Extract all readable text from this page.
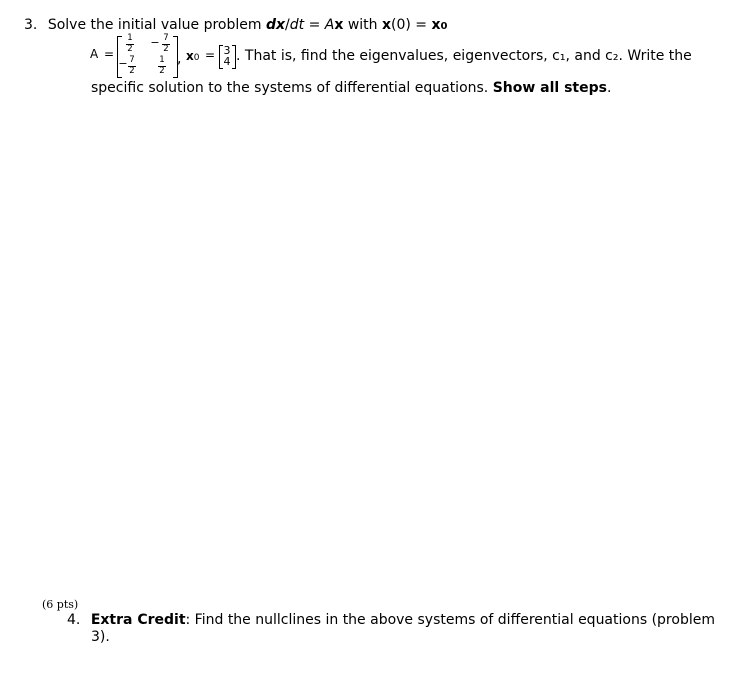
3. Solve the initial value problem dx/dt = Ax with x(0) = x0
A =
1
2 − 7
2
− 7
2
1
2
, x0 = 3
4 . That is, find the eigenvalues, eigenvectors, c₁, and c₂. Write the
specific solution to the systems of differential equations. Show all steps.
(6 pts)
4. Extra Credit: Find the nullclines in the above systems of differential equations (problem
3).
